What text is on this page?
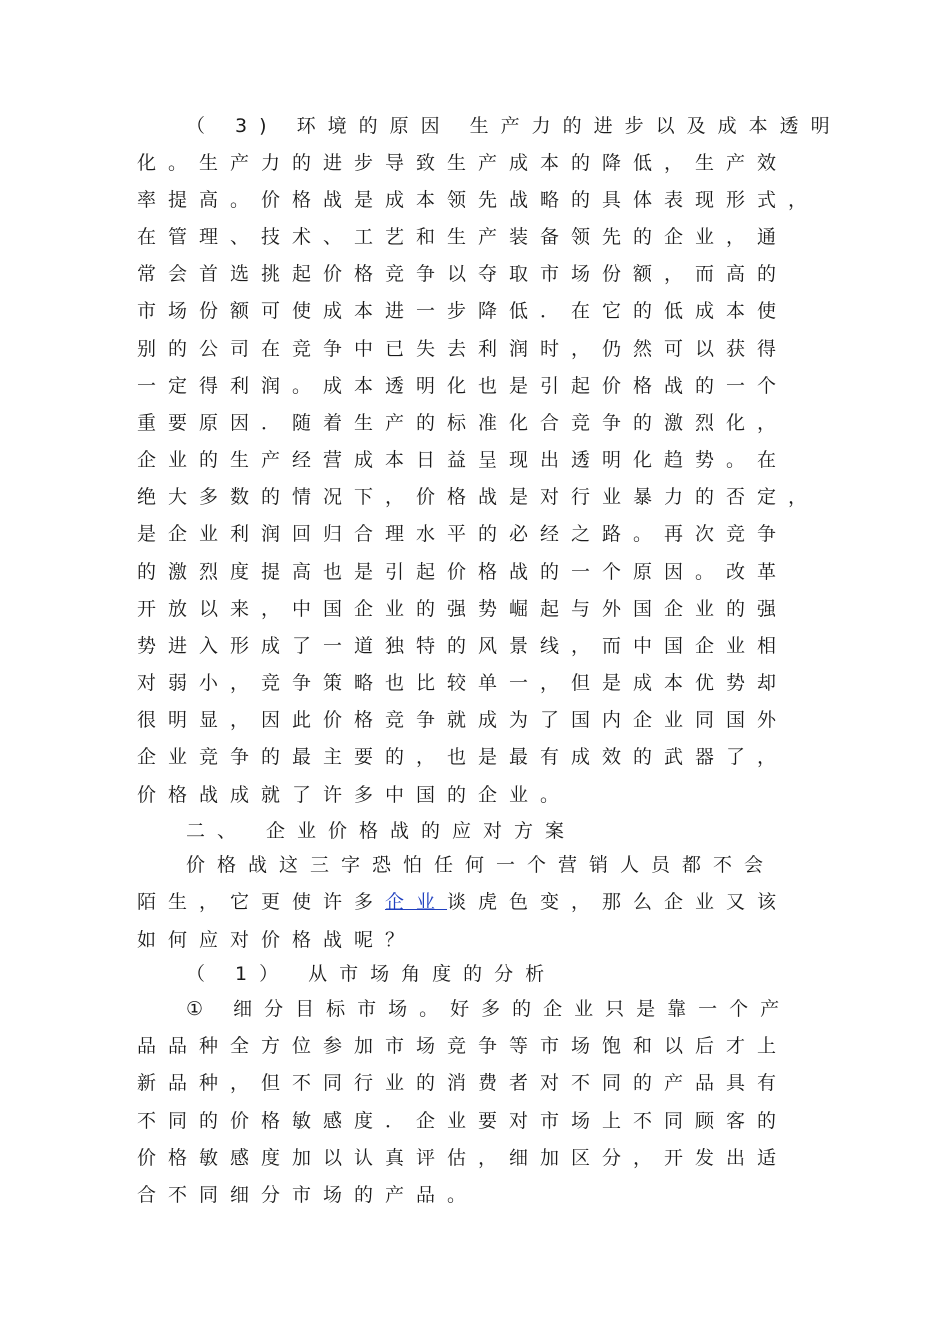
（ 3) 环境的原因 生产力的进步以及成本透明
化。生产力的进步导致生产成本的降低，生产效
率提高。价格战是成本领先战略的具体表现形式，
在管理、技术、工艺和生产装备领先的企业，通
常会首选挑起价格竞争以夺取市场份额，而高的
市场份额可使成本进一步降低．在它的低成本使
别的公司在竞争中已失去利润时，仍然可以获得
一定得利润。成本透明化也是引起价格战的一个
重要原因．随着生产的标准化合竞争的激烈化，
企业的生产经营成本日益呈现出透明化趋势。在
绝大多数的情况下，价格战是对行业暴力的否定，
是企业利润回归合理水平的必经之路。再次竞争
的激烈度提高也是引起价格战的一个原因。改革
开放以来，中国企业的强势崛起与外国企业的强
势进入形成了一道独特的风景线，而中国企业相
对弱小，竞争策略也比较单一，但是成本优势却
很明显，因此价格竞争就成为了国内企业同国外
企业竞争的最主要的，也是最有成效的武器了，
价格战成就了许多中国的企业。
二、 企业价格战的应对方案
价格战这三字恐怕任何一个营销人员都不会
陌生，它更使许多企业谈虎色变，那么企业又该
如何应对价格战呢？
（ 1） 从市场角度的分析
① 细分目标市场。好多的企业只是靠一个产
品品种全方位参加市场竞争等市场饱和以后才上
新品种，但不同行业的消费者对不同的产品具有
不同的价格敏感度．企业要对市场上不同顾客的
价格敏感度加以认真评估，细加区分，开发出适
合不同细分市场的产品。
